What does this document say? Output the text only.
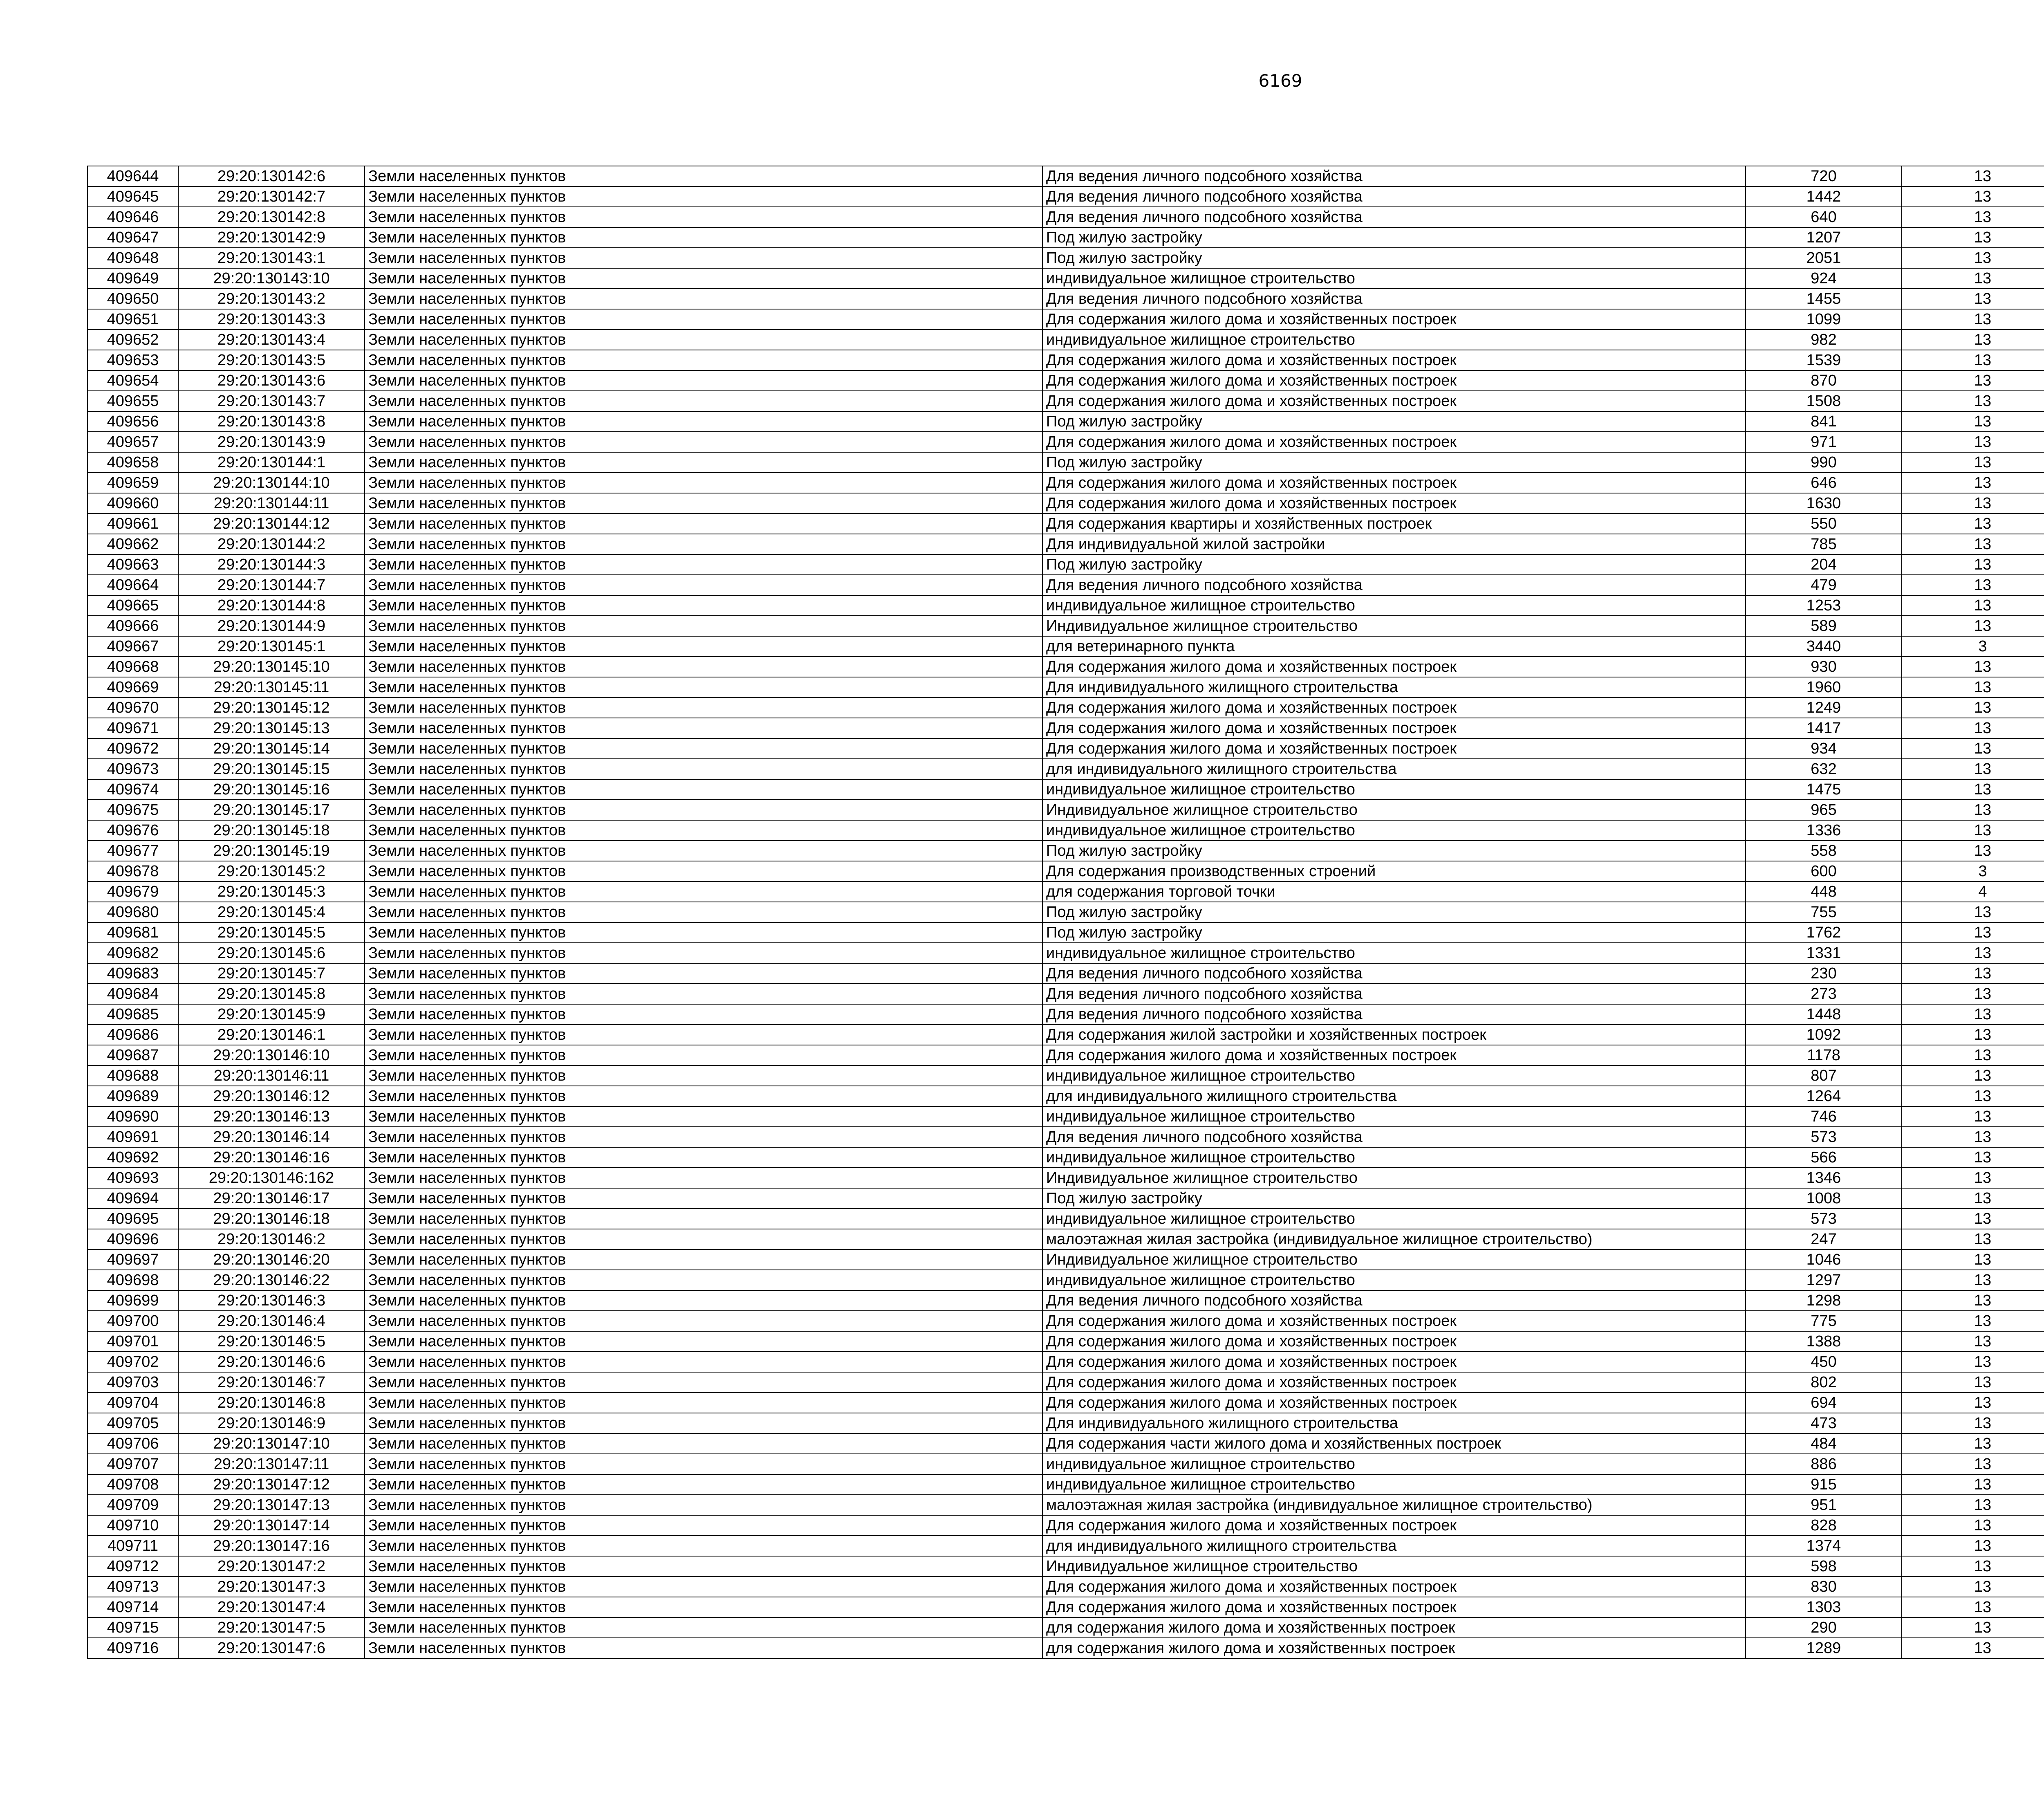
6169
409644	29:20:130142:6	Земли населенных пунктов	Для ведения личного подсобного хозяйства	720	13		
409645	29:20:130142:7	Земли населенных пунктов	Для ведения личного подсобного хозяйства	1442	13		
409646	29:20:130142:8	Земли населенных пунктов	Для ведения личного подсобного хозяйства	640	13		
409647	29:20:130142:9	Земли населенных пунктов	Под жилую застройку	1207	13		
409648	29:20:130143:1	Земли населенных пунктов	Под жилую застройку	2051	13		
409649	29:20:130143:10	Земли населенных пунктов	индивидуальное жилищное строительство	924	13		
409650	29:20:130143:2	Земли населенных пунктов	Для ведения личного подсобного хозяйства	1455	13		
409651	29:20:130143:3	Земли населенных пунктов	Для содержания жилого дома и хозяйственных построек	1099	13		
409652	29:20:130143:4	Земли населенных пунктов	индивидуальное жилищное строительство	982	13		
409653	29:20:130143:5	Земли населенных пунктов	Для содержания жилого дома и хозяйственных построек	1539	13		
409654	29:20:130143:6	Земли населенных пунктов	Для содержания жилого дома и хозяйственных построек	870	13		
409655	29:20:130143:7	Земли населенных пунктов	Для содержания жилого дома и хозяйственных построек	1508	13		
409656	29:20:130143:8	Земли населенных пунктов	Под жилую застройку	841	13		
409657	29:20:130143:9	Земли населенных пунктов	Для содержания жилого дома и хозяйственных построек	971	13		
409658	29:20:130144:1	Земли населенных пунктов	Под жилую застройку	990	13		
409659	29:20:130144:10	Земли населенных пунктов	Для содержания жилого дома и хозяйственных построек	646	13		
409660	29:20:130144:11	Земли населенных пунктов	Для содержания жилого дома и хозяйственных построек	1630	13		
409661	29:20:130144:12	Земли населенных пунктов	Для содержания квартиры и хозяйственных построек	550	13		
409662	29:20:130144:2	Земли населенных пунктов	Для индивидуальной жилой застройки	785	13		
409663	29:20:130144:3	Земли населенных пунктов	Под жилую застройку	204	13		
409664	29:20:130144:7	Земли населенных пунктов	Для ведения личного подсобного хозяйства	479	13		
409665	29:20:130144:8	Земли населенных пунктов	индивидуальное жилищное строительство	1253	13		
409666	29:20:130144:9	Земли населенных пунктов	Индивидуальное жилищное строительство	589	13		
409667	29:20:130145:1	Земли населенных пунктов	для ветеринарного пункта	3440	3		
409668	29:20:130145:10	Земли населенных пунктов	Для содержания жилого дома и хозяйственных построек	930	13		
409669	29:20:130145:11	Земли населенных пунктов	Для индивидуального жилищного строительства	1960	13		
409670	29:20:130145:12	Земли населенных пунктов	Для содержания жилого дома и хозяйственных построек	1249	13		
409671	29:20:130145:13	Земли населенных пунктов	Для содержания жилого дома и хозяйственных построек	1417	13		
409672	29:20:130145:14	Земли населенных пунктов	Для содержания жилого дома и хозяйственных построек	934	13		
409673	29:20:130145:15	Земли населенных пунктов	для индивидуального жилищного строительства	632	13		
409674	29:20:130145:16	Земли населенных пунктов	индивидуальное жилищное строительство	1475	13		
409675	29:20:130145:17	Земли населенных пунктов	Индивидуальное жилищное строительство	965	13		
409676	29:20:130145:18	Земли населенных пунктов	индивидуальное жилищное строительство	1336	13		
409677	29:20:130145:19	Земли населенных пунктов	Под жилую застройку	558	13		
409678	29:20:130145:2	Земли населенных пунктов	Для содержания производственных строений	600	3		
409679	29:20:130145:3	Земли населенных пунктов	для содержания торговой точки	448	4		
409680	29:20:130145:4	Земли населенных пунктов	Под жилую застройку	755	13		
409681	29:20:130145:5	Земли населенных пунктов	Под жилую застройку	1762	13		
409682	29:20:130145:6	Земли населенных пунктов	индивидуальное жилищное строительство	1331	13		
409683	29:20:130145:7	Земли населенных пунктов	Для ведения личного подсобного хозяйства	230	13		
409684	29:20:130145:8	Земли населенных пунктов	Для ведения личного подсобного хозяйства	273	13		
409685	29:20:130145:9	Земли населенных пунктов	Для ведения личного подсобного хозяйства	1448	13		
409686	29:20:130146:1	Земли населенных пунктов	Для содержания жилой застройки и хозяйственных построек	1092	13		
409687	29:20:130146:10	Земли населенных пунктов	Для содержания жилого дома и хозяйственных построек	1178	13		
409688	29:20:130146:11	Земли населенных пунктов	индивидуальное жилищное строительство	807	13		
409689	29:20:130146:12	Земли населенных пунктов	для индивидуального жилищного строительства	1264	13		
409690	29:20:130146:13	Земли населенных пунктов	индивидуальное жилищное строительство	746	13		
409691	29:20:130146:14	Земли населенных пунктов	Для ведения личного подсобного хозяйства	573	13		
409692	29:20:130146:16	Земли населенных пунктов	индивидуальное жилищное строительство	566	13		
409693	29:20:130146:162	Земли населенных пунктов	Индивидуальное жилищное строительство	1346	13		
409694	29:20:130146:17	Земли населенных пунктов	Под жилую застройку	1008	13		
409695	29:20:130146:18	Земли населенных пунктов	индивидуальное жилищное строительство	573	13		
409696	29:20:130146:2	Земли населенных пунктов	малоэтажная жилая застройка (индивидуальное жилищное строительство)	247	13		
409697	29:20:130146:20	Земли населенных пунктов	Индивидуальное жилищное строительство	1046	13		
409698	29:20:130146:22	Земли населенных пунктов	индивидуальное жилищное строительство	1297	13		
409699	29:20:130146:3	Земли населенных пунктов	Для ведения личного подсобного хозяйства	1298	13		
409700	29:20:130146:4	Земли населенных пунктов	Для содержания жилого дома и хозяйственных построек	775	13		
409701	29:20:130146:5	Земли населенных пунктов	Для содержания жилого дома и хозяйственных построек	1388	13		
409702	29:20:130146:6	Земли населенных пунктов	Для содержания жилого дома и хозяйственных построек	450	13		
409703	29:20:130146:7	Земли населенных пунктов	Для содержания жилого дома и хозяйственных построек	802	13		
409704	29:20:130146:8	Земли населенных пунктов	Для содержания жилого дома и хозяйственных построек	694	13		
409705	29:20:130146:9	Земли населенных пунктов	Для индивидуального жилищного строительства	473	13		
409706	29:20:130147:10	Земли населенных пунктов	Для содержания части жилого дома и хозяйственных построек	484	13		
409707	29:20:130147:11	Земли населенных пунктов	индивидуальное жилищное строительство	886	13		
409708	29:20:130147:12	Земли населенных пунктов	индивидуальное жилищное строительство	915	13		
409709	29:20:130147:13	Земли населенных пунктов	малоэтажная жилая застройка (индивидуальное жилищное строительство)	951	13		
409710	29:20:130147:14	Земли населенных пунктов	Для содержания жилого дома и хозяйственных построек	828	13		
409711	29:20:130147:16	Земли населенных пунктов	для индивидуального жилищного строительства	1374	13		
409712	29:20:130147:2	Земли населенных пунктов	Индивидуальное жилищное строительство	598	13		
409713	29:20:130147:3	Земли населенных пунктов	Для содержания жилого дома и хозяйственных построек	830	13		
409714	29:20:130147:4	Земли населенных пунктов	Для содержания жилого дома и хозяйственных построек	1303	13		
409715	29:20:130147:5	Земли населенных пунктов	для содержания жилого дома и хозяйственных построек	290	13		
409716	29:20:130147:6	Земли населенных пунктов	для содержания жилого дома и хозяйственных построек	1289	13		
